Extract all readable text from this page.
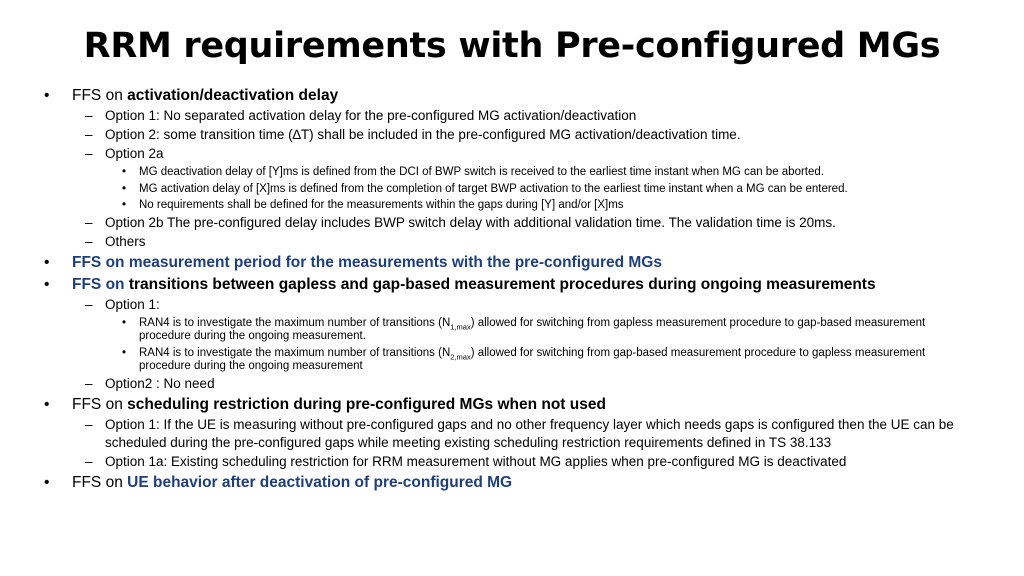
RRM requirements with Pre-configured MGs
• FFS on activation/deactivation delay
– Option 1: No separated activation delay for the pre-configured MG activation/deactivation
– Option 2: some transition time (∆T) shall be included in the pre-configured MG activation/deactivation time.
– Option 2a
• MG deactivation delay of [Y]ms is defined from the DCI of BWP switch is received to the earliest time instant when MG can be aborted.
• MG activation delay of [X]ms is defined from the completion of target BWP activation to the earliest time instant when a MG can be entered.
• No requirements shall be defined for the measurements within the gaps during [Y] and/or [X]ms
– Option 2b The pre-configured delay includes BWP switch delay with additional validation time. The validation time is 20ms.
– Others
• FFS on measurement period for the measurements with the pre-configured MGs
• FFS on transitions between gapless and gap-based measurement procedures during ongoing measurements
– Option 1:
• RAN4 is to investigate the maximum number of transitions $(N_{1,max})$ allowed for switching from gapless measurement procedure to gap-based measurement procedure during the ongoing measurement.
• RAN4 is to investigate the maximum number of transitions $(N_{2,max})$ allowed for switching from gap-based measurement procedure to gapless measurement procedure during the ongoing measurement
– Option2 : No need
• FFS on scheduling restriction during pre-configured MGs when not used
– Option 1: If the UE is measuring without pre-configured gaps and no other frequency layer which needs gaps is configured then the UE can be scheduled during the pre-configured gaps while meeting existing scheduling restriction requirements defined in TS 38.133
– Option 1a: Existing scheduling restriction for RRM measurement without MG applies when pre-configured MG is deactivated
• FFS on UE behavior after deactivation of pre-configured MG
